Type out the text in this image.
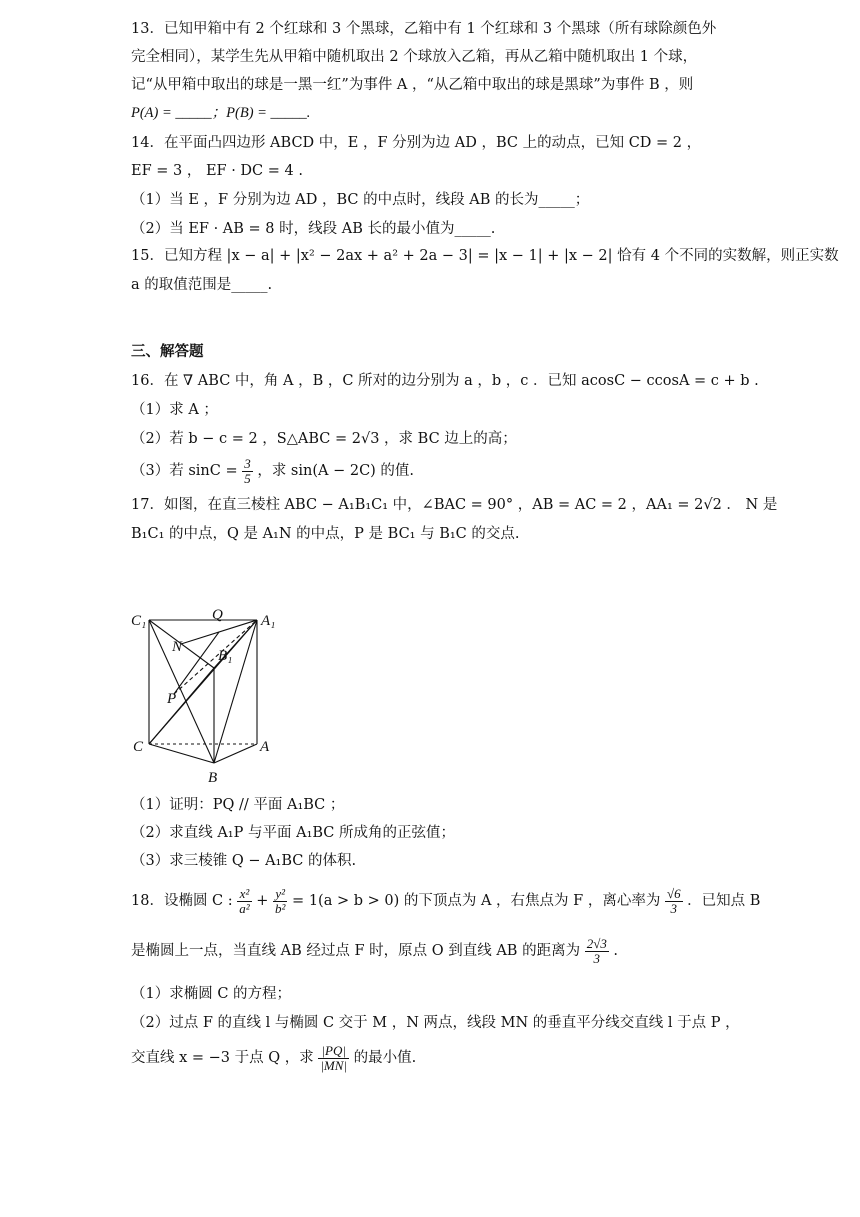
13．已知甲箱中有 2 个红球和 3 个黑球，乙箱中有 1 个红球和 3 个黑球（所有球除颜色外
完全相同），某学生先从甲箱中随机取出 2 个球放入乙箱，再从乙箱中随机取出 1 个球，
记“从甲箱中取出的球是一黑一红”为事件 A ，“从乙箱中取出的球是黑球”为事件 B ，则
P(A) = _____；P(B) = _____.
14．在平面凸四边形 ABCD 中，E ，F 分别为边 AD ，BC 上的动点，已知 CD = 2 ，
EF = 3 ， EF · DC = 4 .
（1）当 E ，F 分别为边 AD ，BC 的中点时，线段 AB 的长为_____；
（2）当 EF · AB = 8 时，线段 AB 长的最小值为_____.
15．已知方程 |x − a| + |x² − 2ax + a² + 2a − 3| = |x − 1| + |x − 2| 恰有 4 个不同的实数解，则正实数
a 的取值范围是_____.
三、解答题
16．在 ∇ ABC 中，角 A ，B ，C 所对的边分别为 a ，b ，c ．已知 acosC − ccosA = c + b .
（1）求 A ；
（2）若 b − c = 2 ，S△ABC = 2√3 ，求 BC 边上的高；
（3）若 $\sin C = \frac{3}{5}$ ，求 sin(A − 2C) 的值.
17．如图，在直三棱柱 ABC − A₁B₁C₁ 中，∠BAC = 90° ，AB = AC = 2 ，AA₁ = 2√2 ． N 是
B₁C₁ 的中点，Q 是 A₁N 的中点，P 是 BC₁ 与 B₁C 的交点.
C₁	Q	A₁
N
B₁
P
C	A
B
（1）证明：PQ // 平面 A₁BC ；
（2）求直线 A₁P 与平面 A₁BC 所成角的正弦值；
（3）求三棱锥 Q − A₁BC 的体积.
18．设椭圆 C : $\frac{\text{x²}}{\text{a²}} + \frac{\text{y²}}{\text{b²}} = 1(a > b > 0)$ 的下顶点为 A ，右焦点为 F ，离心率为 $\frac{√6}{3}$ ．已知点 B
是椭圆上一点，当直线 AB 经过点 F 时，原点 O 到直线 AB 的距离为 $\frac{2√3}{3}$ .
（1）求椭圆 C 的方程；
（2）过点 F 的直线 l 与椭圆 C 交于 M ，N 两点，线段 MN 的垂直平分线交直线 l 于点 P ，
交直线 x = −3 于点 Q ，求 $\frac{|PQ|}{|MN|}$ 的最小值.
